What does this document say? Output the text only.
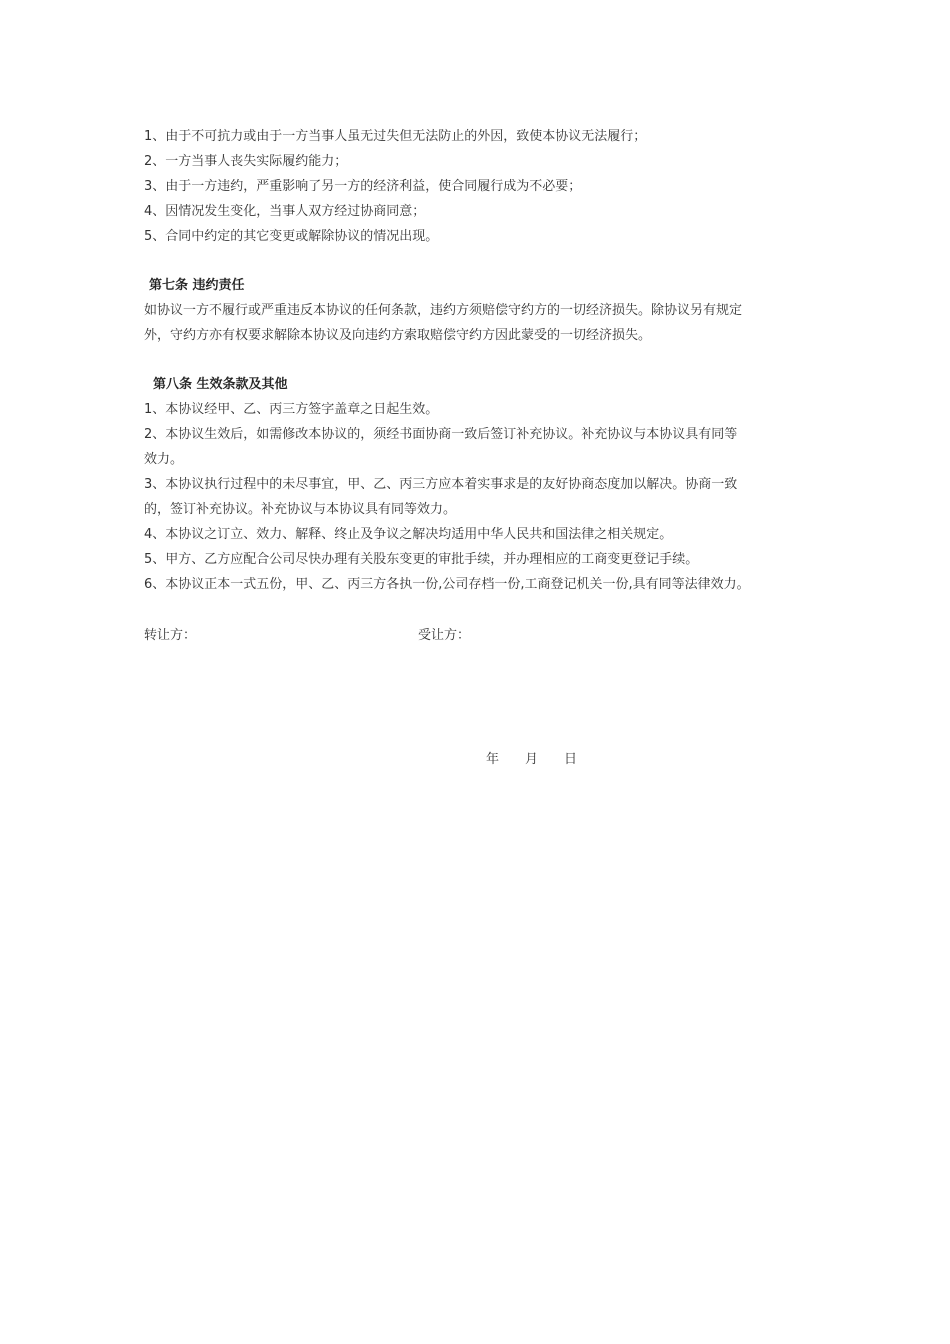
1、由于不可抗力或由于一方当事人虽无过失但无法防止的外因，致使本协议无法履行；

2、一方当事人丧失实际履约能力；

3、由于一方违约，严重影响了另一方的经济利益，使合同履行成为不必要；

4、因情况发生变化，当事人双方经过协商同意；

5、合同中约定的其它变更或解除协议的情况出现。

第七条 违约责任

如协议一方不履行或严重违反本协议的任何条款，违约方须赔偿守约方的一切经济损失。除协议另有规定

外，守约方亦有权要求解除本协议及向违约方索取赔偿守约方因此蒙受的一切经济损失。

第八条 生效条款及其他

1、本协议经甲、乙、丙三方签字盖章之日起生效。

2、本协议生效后，如需修改本协议的，须经书面协商一致后签订补充协议。补充协议与本协议具有同等

效力。

3、本协议执行过程中的未尽事宜，甲、乙、丙三方应本着实事求是的友好协商态度加以解决。协商一致

的，签订补充协议。补充协议与本协议具有同等效力。

4、本协议之订立、效力、解释、终止及争议之解决均适用中华人民共和国法律之相关规定。

5、甲方、乙方应配合公司尽快办理有关股东变更的审批手续，并办理相应的工商变更登记手续。

6、本协议正本一式五份，甲、乙、丙三方各执一份,公司存档一份,工商登记机关一份,具有同等法律效力。

转让方：	受让方：
年 月 日
